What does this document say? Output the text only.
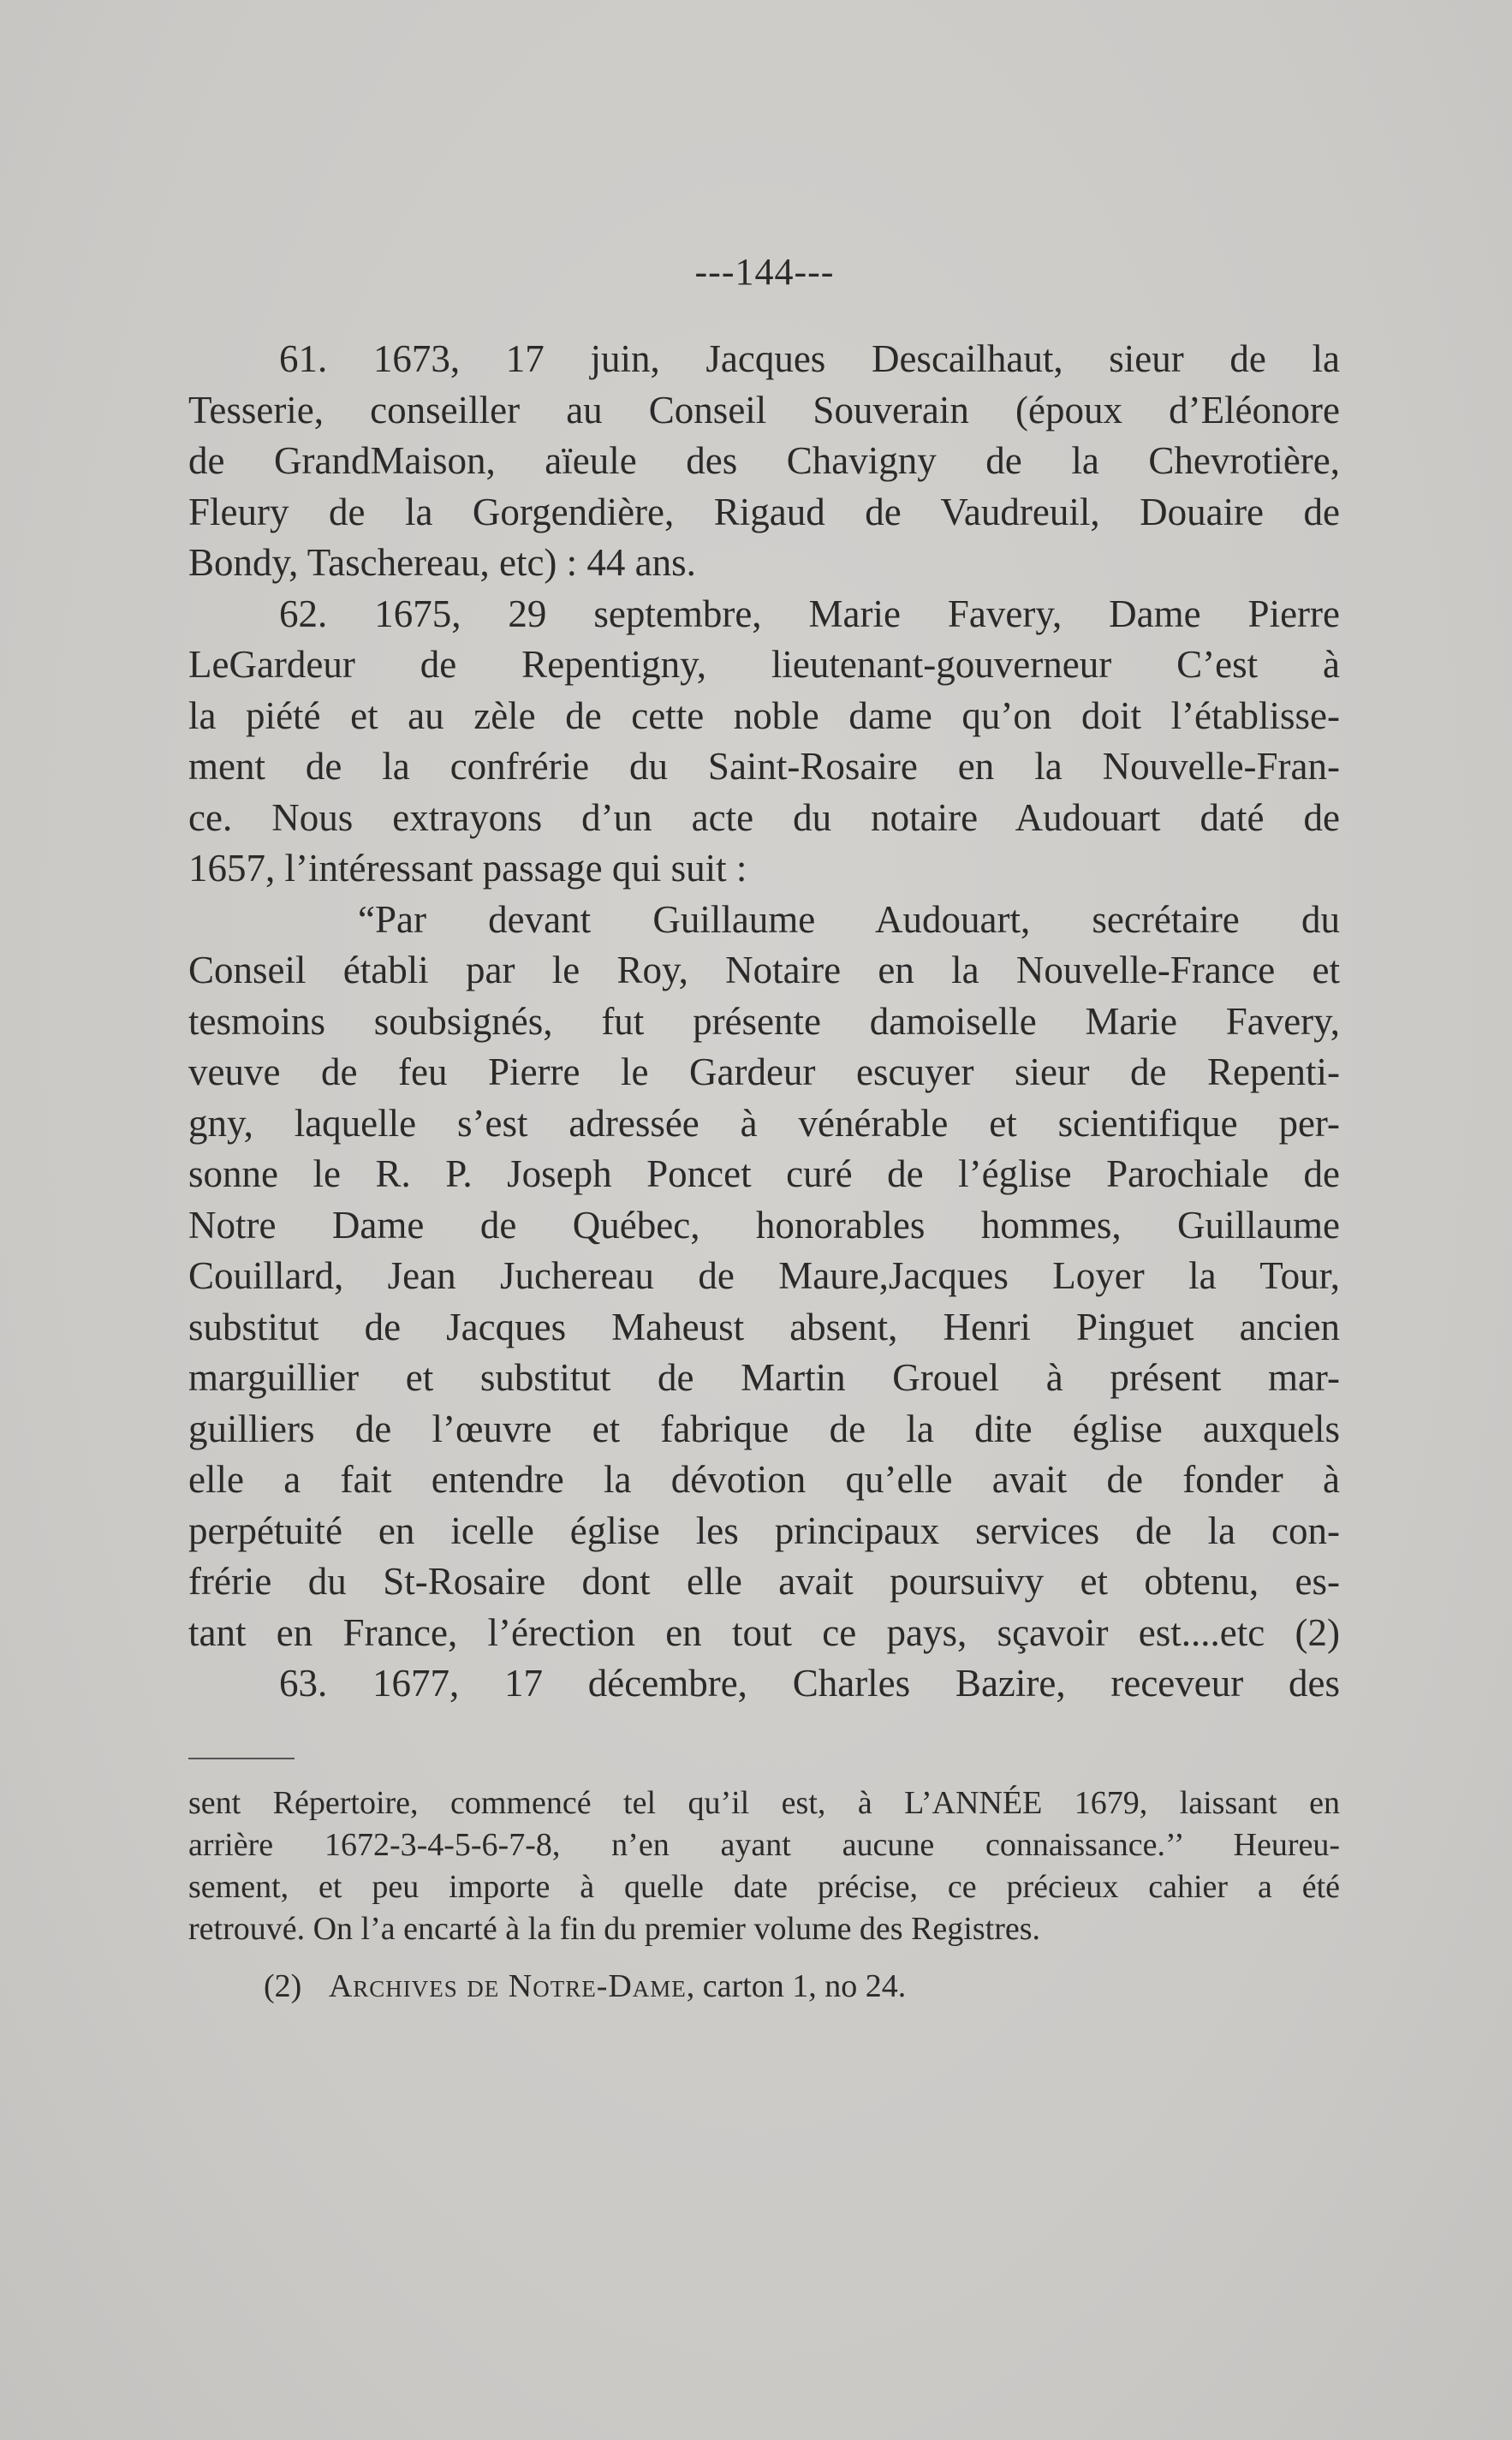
---144---
61. 1673, 17 juin, Jacques Descailhaut, sieur de la
Tesserie, conseiller au Conseil Souverain (époux d’Eléonore
de GrandMaison, aïeule des Chavigny de la Chevrotière,
Fleury de la Gorgendière, Rigaud de Vaudreuil, Douaire de
Bondy, Taschereau, etc) : 44 ans.
62. 1675, 29 septembre, Marie Favery, Dame Pierre
LeGardeur de Repentigny, lieutenant-gouverneur C’est à
la piété et au zèle de cette noble dame qu’on doit l’établisse-
ment de la confrérie du Saint-Rosaire en la Nouvelle-Fran-
ce. Nous extrayons d’un acte du notaire Audouart daté de
1657, l’intéressant passage qui suit :
“Par devant Guillaume Audouart, secrétaire du
Conseil établi par le Roy, Notaire en la Nouvelle-France et
tesmoins soubsignés, fut présente damoiselle Marie Favery,
veuve de feu Pierre le Gardeur escuyer sieur de Repenti-
gny, laquelle s’est adressée à vénérable et scientifique per-
sonne le R. P. Joseph Poncet curé de l’église Parochiale de
Notre Dame de Québec, honorables hommes, Guillaume
Couillard, Jean Juchereau de Maure,Jacques Loyer la Tour,
substitut de Jacques Maheust absent, Henri Pinguet ancien
marguillier et substitut de Martin Grouel à présent mar-
guilliers de l’œuvre et fabrique de la dite église auxquels
elle a fait entendre la dévotion qu’elle avait de fonder à
perpétuité en icelle église les principaux services de la con-
frérie du St-Rosaire dont elle avait poursuivy et obtenu, es-
tant en France, l’érection en tout ce pays, sçavoir est....etc (2)
63. 1677, 17 décembre, Charles Bazire, receveur des
sent Répertoire, commencé tel qu’il est, à L’ANNÉE 1679, laissant en
arrière 1672-3-4-5-6-7-8, n’en ayant aucune connaissance.’’ Heureu-
sement, et peu importe à quelle date précise, ce précieux cahier a été
retrouvé. On l’a encarté à la fin du premier volume des Registres.
(2) Archives de Notre-Dame, carton 1, no 24.
